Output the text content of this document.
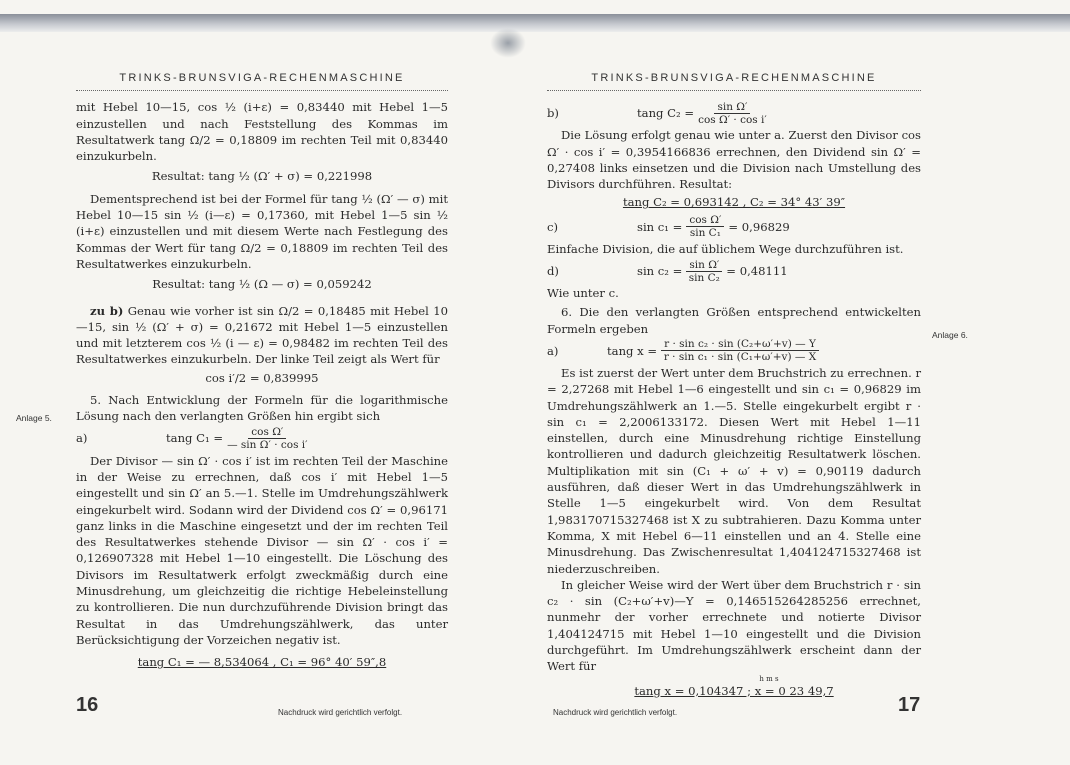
TRINKS-BRUNSVIGA-RECHENMASCHINE

mit Hebel 10—15, cos ½ (i+ε) = 0,83440 mit Hebel 1—5 einzustellen und nach Feststellung des Kommas im Resultatwerk tang Ω/2 = 0,18809 im rechten Teil mit 0,83440 einzukurbeln.

Resultat: tang ½ (Ω′ + σ) = 0,221998

Dementsprechend ist bei der Formel für tang ½ (Ω′ — σ) mit Hebel 10—15 sin ½ (i—ε) = 0,17360, mit Hebel 1—5 sin ½ (i+ε) einzustellen und mit diesem Werte nach Festlegung des Kommas der Wert für tang Ω/2 = 0,18809 im rechten Teil des Resultatwerkes einzukurbeln.

Resultat: tang ½ (Ω — σ) = 0,059242

zu b) Genau wie vorher ist sin Ω/2 = 0,18485 mit Hebel 10—15, sin ½ (Ω′ + σ) = 0,21672 mit Hebel 1—5 einzustellen und mit letzterem cos ½ (i — ε) = 0,98482 im rechten Teil des Resultatwerkes einzukurbeln. Der linke Teil zeigt als Wert für

cos i′/2 = 0,839995

5. Nach Entwicklung der Formeln für die logarithmische Lösung nach den verlangten Größen hin ergibt sich

a)	tang $C_1 = \frac{\text{cos Ω′}}{\text{— sin Ω′ · cos i′}}$

Der Divisor — sin Ω′ · cos i′ ist im rechten Teil der Maschine in der Weise zu errechnen, daß cos i′ mit Hebel 1—5 eingestellt und sin Ω′ an 5.—1. Stelle im Umdrehungszählwerk eingekurbelt wird. Sodann wird der Dividend cos Ω′ = 0,96171 ganz links in die Maschine eingesetzt und der im rechten Teil des Resultatwerkes stehende Divisor — sin Ω′ · cos i′ = 0,126907328 mit Hebel 1—10 eingestellt. Die Löschung des Divisors im Resultatwerk erfolgt zweckmäßig durch eine Minusdrehung, um gleichzeitig die richtige Hebeleinstellung zu kontrollieren. Die nun durchzuführende Division bringt das Resultat in das Umdrehungszählwerk, das unter Berücksichtigung der Vorzeichen negativ ist.

tang C₁ = — 8,534064 , C₁ = 96° 40′ 59″,8

Anlage 5.
16	Nachdruck wird gerichtlich verfolgt.
TRINKS-BRUNSVIGA-RECHENMASCHINE
b)	tang $C_2 = \frac{\text{sin Ω′}}{\text{cos Ω′ · cos i′}}$

Die Lösung erfolgt genau wie unter a. Zuerst den Divisor cos Ω′ · cos i′ = 0,3954166836 errechnen, den Dividend sin Ω′ = 0,27408 links einsetzen und die Division nach Umstellung des Divisors durchführen. Resultat:

tang C₂ = 0,693142 , C₂ = 34° 43′ 39″

c)	$\sin c_1 = \frac{\text{cos Ω′}}{\text{sin C₁}} = 0,96829$

Einfache Division, die auf üblichem Wege durchzuführen ist.

d)	$\sin c_2 = \frac{\text{sin Ω′}}{\text{sin C₂}} = 0,48111$

Wie unter c.

6. Die den verlangten Größen entsprechend entwickelten Formeln ergeben

a)	tang $x = \frac{\text{r · sin c₂ · sin (C₂+ω′+v) — Y}}{\text{r · sin c₁ · sin (C₁+ω′+v) — X}}$

Es ist zuerst der Wert unter dem Bruchstrich zu errechnen. r = 2,27268 mit Hebel 1—6 eingestellt und sin c₁ = 0,96829 im Umdrehungszählwerk an 1.—5. Stelle eingekurbelt ergibt r · sin c₁ = 2,2006133172. Diesen Wert mit Hebel 1—11 einstellen, durch eine Minusdrehung richtige Einstellung kontrollieren und dadurch gleichzeitig Resultatwerk löschen. Multiplikation mit sin (C₁ + ω′ + v) = 0,90119 dadurch ausführen, daß dieser Wert in das Umdrehungszählwerk in Stelle 1—5 eingekurbelt wird. Von dem Resultat 1,983170715327468 ist X zu subtrahieren. Dazu Komma unter Komma, X mit Hebel 6—11 einstellen und an 4. Stelle eine Minusdrehung. Das Zwischenresultat 1,404124715327468 ist niederzuschreiben.

In gleicher Weise wird der Wert über dem Bruchstrich r · sin c₂ · sin (C₂+ω′+v)—Y = 0,146515264285256 errechnet, nunmehr der vorher errechnete und notierte Divisor 1,404124715 mit Hebel 1—10 eingestellt und die Division durchgeführt. Im Umdrehungszählwerk erscheint dann der Wert für

h m s

tang x = 0,104347 ; x = 0 23 49,7

Anlage 6.
17
Nachdruck wird gerichtlich verfolgt.
